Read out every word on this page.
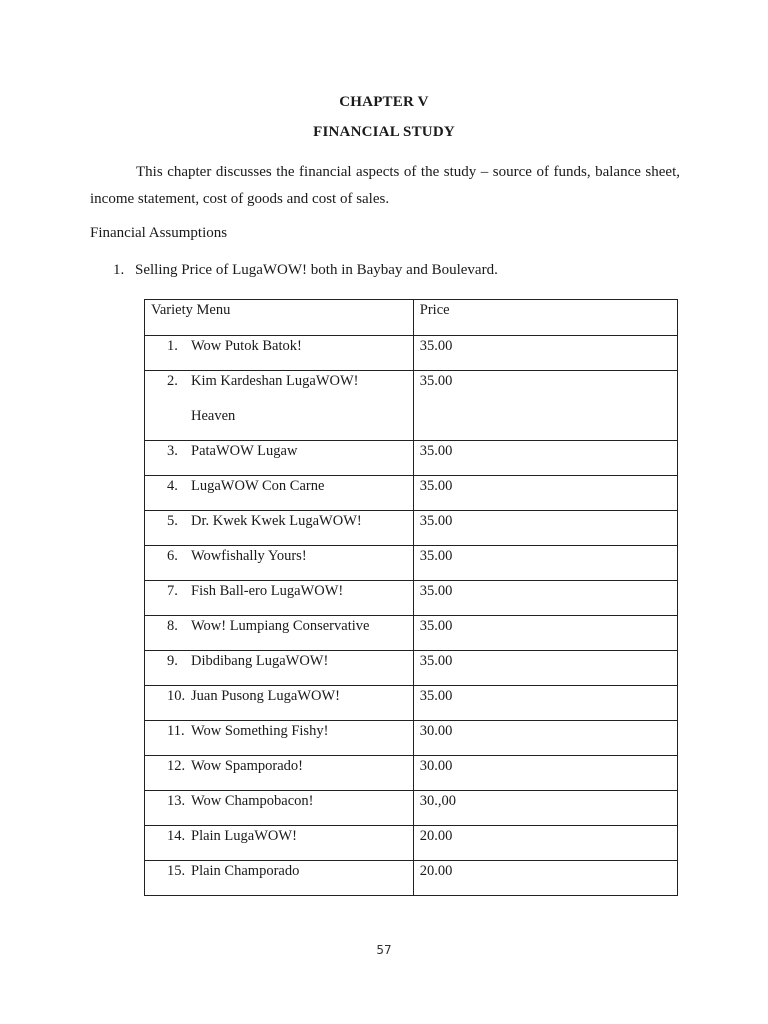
CHAPTER V
FINANCIAL STUDY
This chapter discusses the financial aspects of the study – source of funds, balance sheet, income statement, cost of goods and cost of sales.
Financial Assumptions
1. Selling Price of LugaWOW! both in Baybay and Boulevard.
Variety Menu	Price

1. Wow Putok Batok!	35.00

2. Kim Kardeshan LugaWOW! Heaven	35.00

3. PataWOW Lugaw	35.00

4. LugaWOW Con Carne	35.00

5. Dr. Kwek Kwek LugaWOW!	35.00

6. Wowfishally Yours!	35.00

7. Fish Ball-ero LugaWOW!	35.00

8. Wow! Lumpiang Conservative	35.00

9. Dibdibang LugaWOW!	35.00

10. Juan Pusong LugaWOW!	35.00

11. Wow Something Fishy!	30.00

12. Wow Spamporado!	30.00

13. Wow Champobacon!	30.,00

14. Plain LugaWOW!	20.00

15. Plain Champorado	20.00
57
